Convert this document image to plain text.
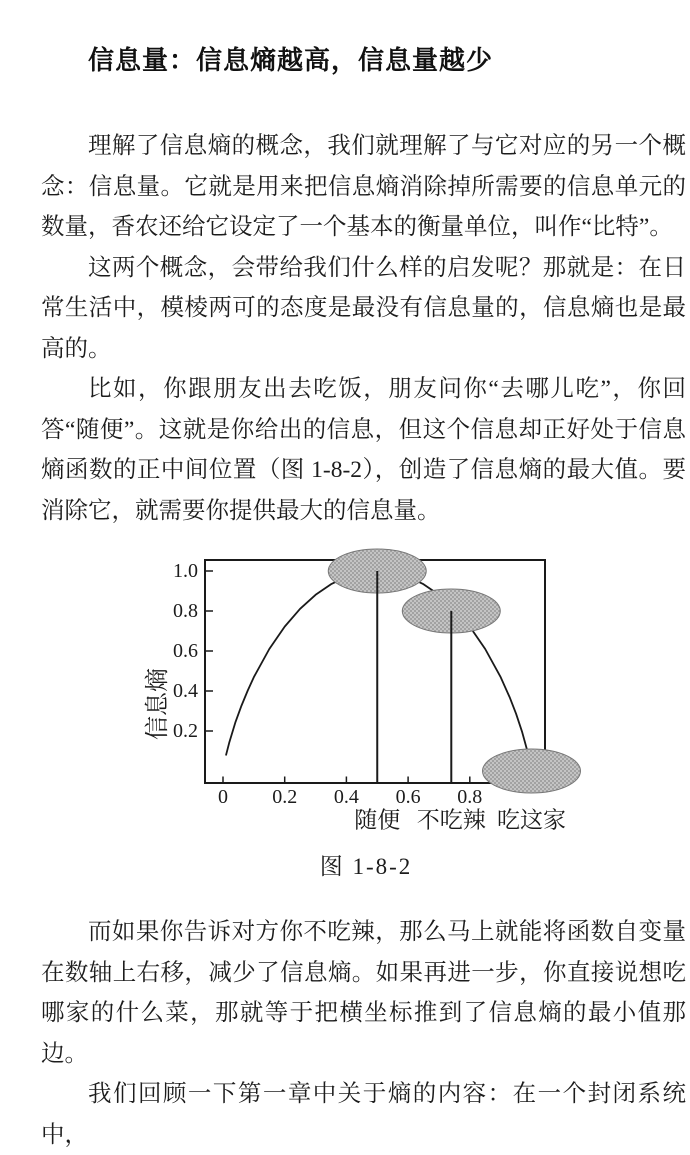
信息量：信息熵越高，信息量越少

理解了信息熵的概念，我们就理解了与它对应的另一个概念：信息量。它就是用来把信息熵消除掉所需要的信息单元的数量，香农还给它设定了一个基本的衡量单位，叫作“比特”。

这两个概念，会带给我们什么样的启发呢？那就是：在日常生活中，模棱两可的态度是最没有信息量的，信息熵也是最高的。

比如，你跟朋友出去吃饭，朋友问你“去哪儿吃”，你回答“随便”。这就是你给出的信息，但这个信息却正好处于信息熵函数的正中间位置（图 1-8-2），创造了信息熵的最大值。要消除它，就需要你提供最大的信息量。

0 0.2 0.4 0.6 0.8
0.2
0.4
0.6
0.8
1.0
信息熵
随便 不吃辣 吃这家
图 1-8-2

而如果你告诉对方你不吃辣，那么马上就能将函数自变量在数轴上右移，减少了信息熵。如果再进一步，你直接说想吃哪家的什么菜，那就等于把横坐标推到了信息熵的最小值那边。

我们回顾一下第一章中关于熵的内容：在一个封闭系统中，
